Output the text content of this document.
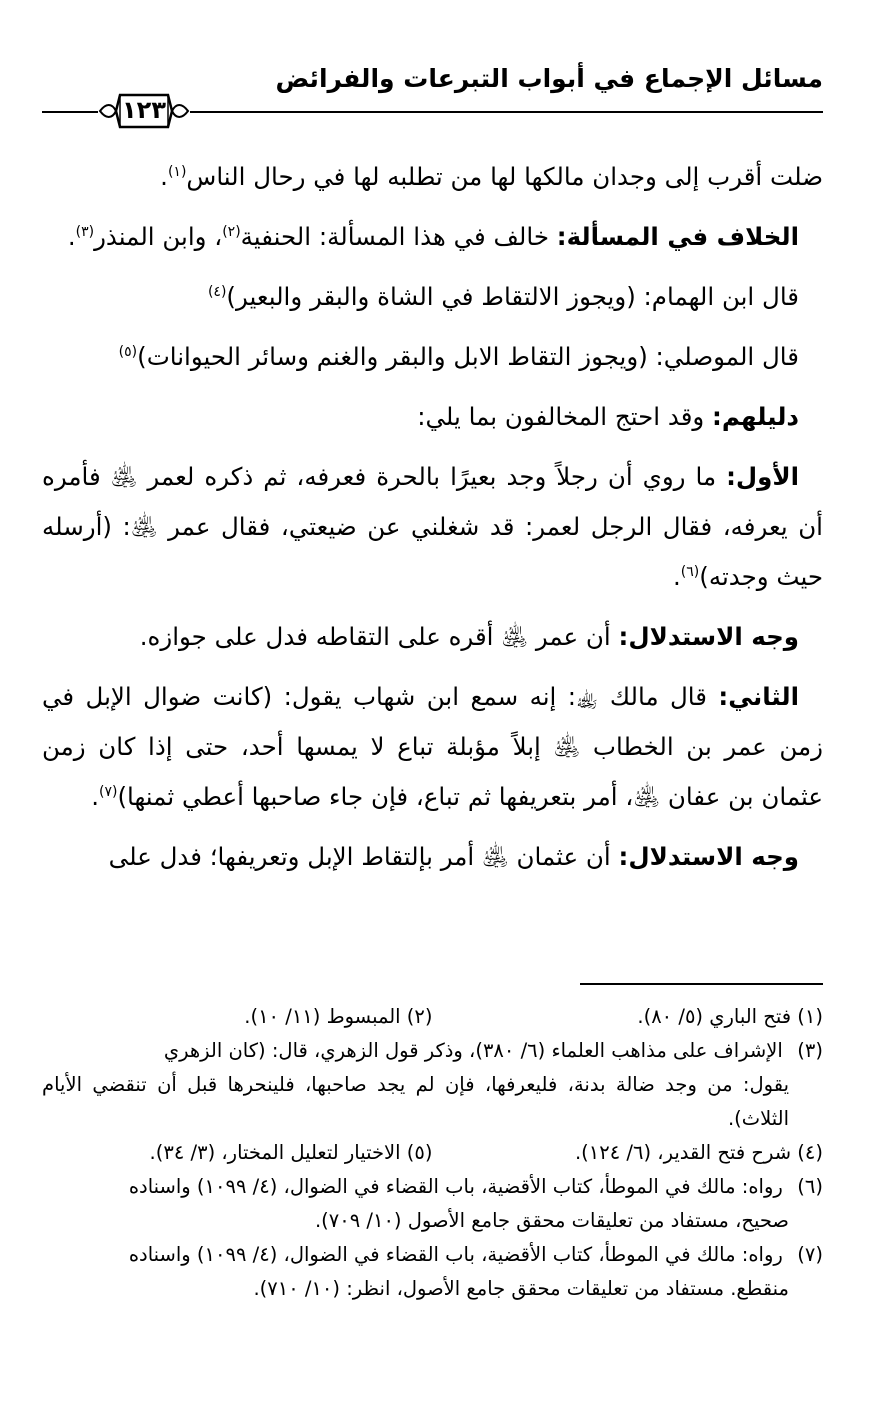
مسائل الإجماع في أبواب التبرعات والفرائض
١٢٣

ضلت أقرب إلى وجدان مالكها لها من تطلبه لها في رحال الناس$^{(١)}$.

الخلاف في المسألة: خالف في هذا المسألة: الحنفية$^{(٢)}$، وابن المنذر$^{(٣)}$.

قال ابن الهمام: (ويجوز الالتقاط في الشاة والبقر والبعير)$^{(٤)}$

قال الموصلي: (ويجوز التقاط الابل والبقر والغنم وسائر الحيوانات)$^{(٥)}$

دليلهم: وقد احتج المخالفون بما يلي:

الأول: ما روي أن رجلاً وجد بعيرًا بالحرة فعرفه، ثم ذكره لعمر ﵁ فأمره أن يعرفه، فقال الرجل لعمر: قد شغلني عن ضيعتي، فقال عمر ﵁: (أرسله حيث وجدته)$^{(٦)}$.

وجه الاستدلال: أن عمر ﵁ أقره على التقاطه فدل على جوازه.

الثاني: قال مالك ﵀: إنه سمع ابن شهاب يقول: (كانت ضوال الإبل في زمن عمر بن الخطاب ﵁ إبلاً مؤبلة تباع لا يمسها أحد، حتى إذا كان زمن عثمان بن عفان ﵁، أمر بتعريفها ثم تباع، فإن جاء صاحبها أعطي ثمنها)$^{(٧)}$.

وجه الاستدلال: أن عثمان ﵁ أمر بإلتقاط الإبل وتعريفها؛ فدل على

(١) فتح الباري (٥/ ٨٠).
(٢) المبسوط (١١/ ١٠).

(٣) الإشراف على مذاهب العلماء (٦/ ٣٨٠)، وذكر قول الزهري، قال: (كان الزهري

يقول: من وجد ضالة بدنة، فليعرفها، فإن لم يجد صاحبها، فلينحرها قبل أن تنقضي الأيام الثلاث).

(٤) شرح فتح القدير، (٦/ ١٢٤).
(٥) الاختيار لتعليل المختار، (٣/ ٣٤).

(٦) رواه: مالك في الموطأ، كتاب الأقضية، باب القضاء في الضوال، (٤/ ١٠٩٩) واسناده

صحيح، مستفاد من تعليقات محقق جامع الأصول (١٠/ ٧٠٩).

(٧) رواه: مالك في الموطأ، كتاب الأقضية، باب القضاء في الضوال، (٤/ ١٠٩٩) واسناده

منقطع. مستفاد من تعليقات محقق جامع الأصول، انظر: (١٠/ ٧١٠).
